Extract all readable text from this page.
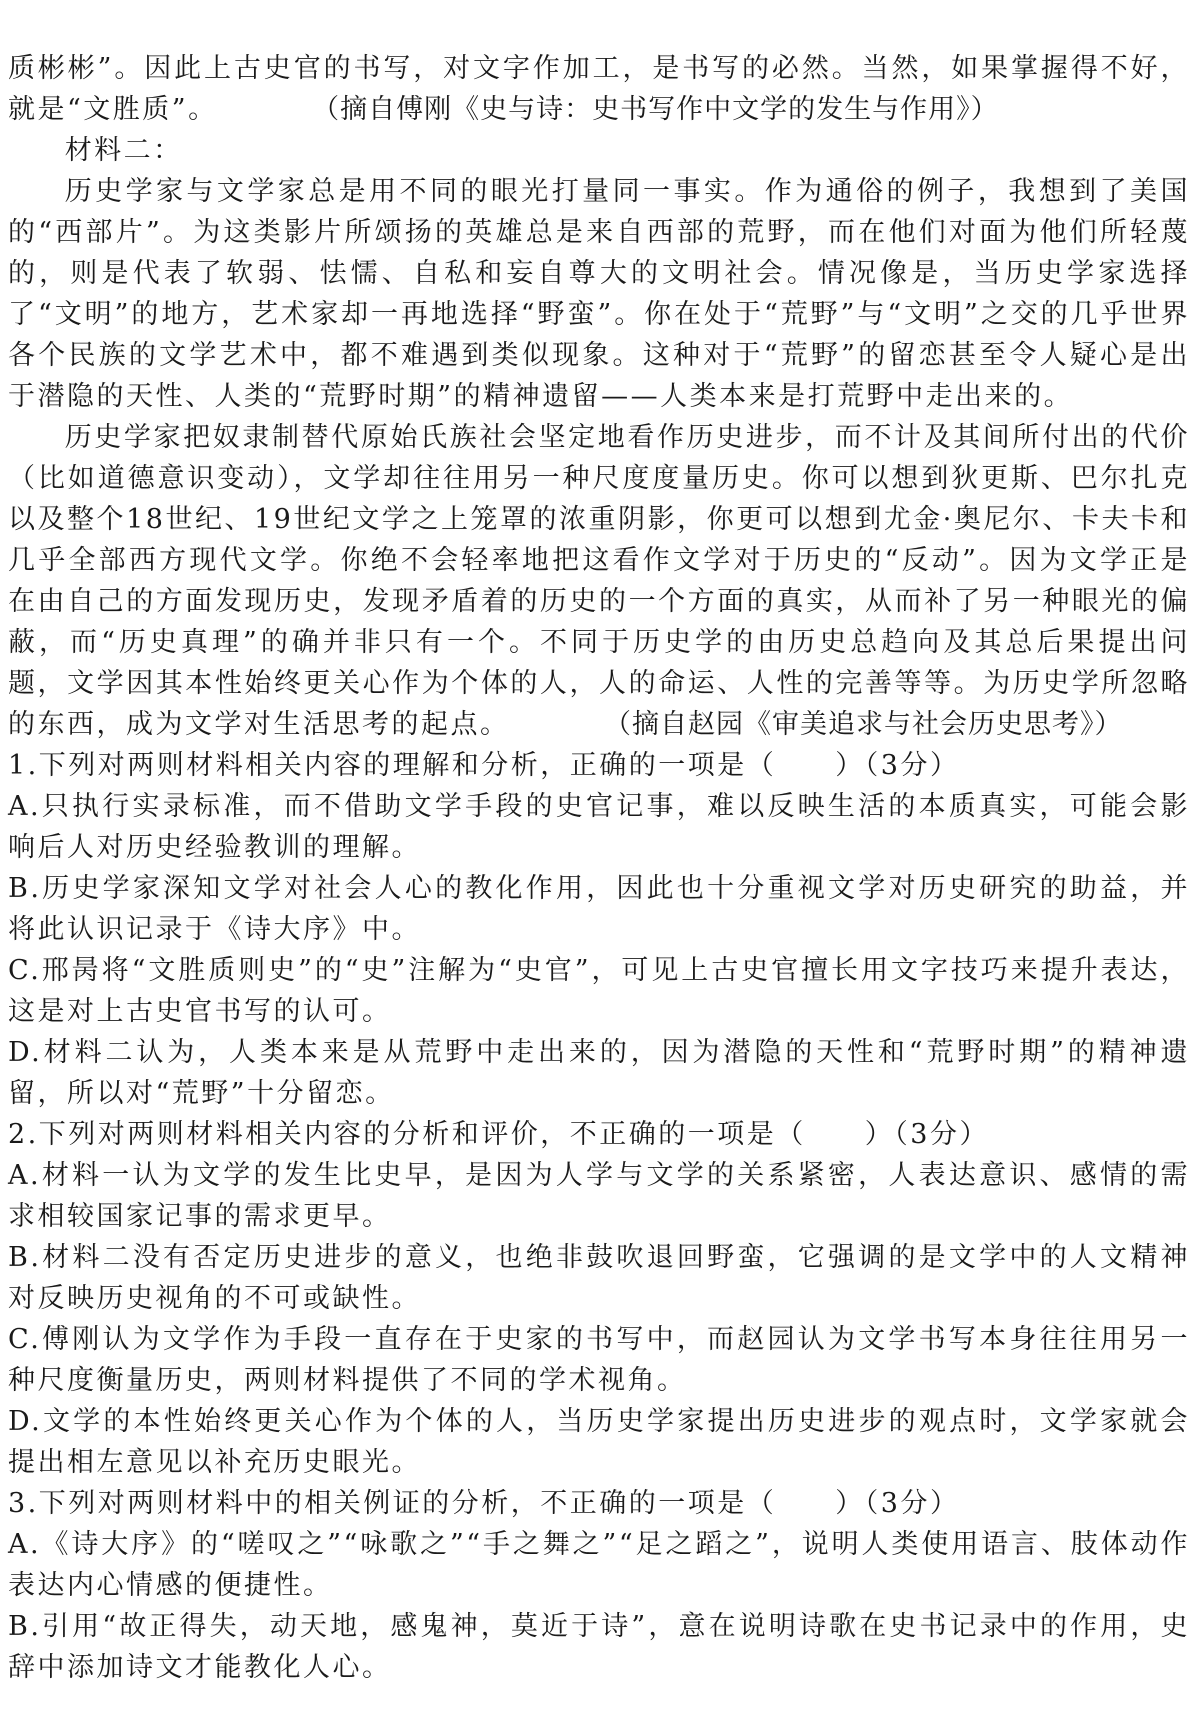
质彬彬”。因此上古史官的书写，对文字作加工，是书写的必然。当然，如果掌握得不好，就是“文胜质”。	（摘自傅刚《史与诗：史书写作中文学的发生与作用》）

材料二：

历史学家与文学家总是用不同的眼光打量同一事实。作为通俗的例子，我想到了美国的“西部片”。为这类影片所颂扬的英雄总是来自西部的荒野，而在他们对面为他们所轻蔑的，则是代表了软弱、怯懦、自私和妄自尊大的文明社会。情况像是，当历史学家选择了“文明”的地方，艺术家却一再地选择“野蛮”。你在处于“荒野”与“文明”之交的几乎世界各个民族的文学艺术中，都不难遇到类似现象。这种对于“荒野”的留恋甚至令人疑心是出于潜隐的天性、人类的“荒野时期”的精神遗留——人类本来是打荒野中走出来的。

历史学家把奴隶制替代原始氏族社会坚定地看作历史进步，而不计及其间所付出的代价（比如道德意识变动），文学却往往用另一种尺度度量历史。你可以想到狄更斯、巴尔扎克以及整个18世纪、19世纪文学之上笼罩的浓重阴影，你更可以想到尤金·奥尼尔、卡夫卡和几乎全部西方现代文学。你绝不会轻率地把这看作文学对于历史的“反动”。因为文学正是在由自己的方面发现历史，发现矛盾着的历史的一个方面的真实，从而补了另一种眼光的偏蔽，而“历史真理”的确并非只有一个。不同于历史学的由历史总趋向及其总后果提出问题，文学因其本性始终更关心作为个体的人，人的命运、人性的完善等等。为历史学所忽略的东西，成为文学对生活思考的起点。	（摘自赵园《审美追求与社会历史思考》）

1.下列对两则材料相关内容的理解和分析，正确的一项是（　　）（3分）

A.只执行实录标准，而不借助文学手段的史官记事，难以反映生活的本质真实，可能会影响后人对历史经验教训的理解。

B.历史学家深知文学对社会人心的教化作用，因此也十分重视文学对历史研究的助益，并将此认识记录于《诗大序》中。

C.邢昺将“文胜质则史”的“史”注解为“史官”，可见上古史官擅长用文字技巧来提升表达，这是对上古史官书写的认可。

D.材料二认为，人类本来是从荒野中走出来的，因为潜隐的天性和“荒野时期”的精神遗留，所以对“荒野”十分留恋。

2.下列对两则材料相关内容的分析和评价，不正确的一项是（　　）（3分）

A.材料一认为文学的发生比史早，是因为人学与文学的关系紧密，人表达意识、感情的需求相较国家记事的需求更早。

B.材料二没有否定历史进步的意义，也绝非鼓吹退回野蛮，它强调的是文学中的人文精神对反映历史视角的不可或缺性。

C.傅刚认为文学作为手段一直存在于史家的书写中，而赵园认为文学书写本身往往用另一种尺度衡量历史，两则材料提供了不同的学术视角。

D.文学的本性始终更关心作为个体的人，当历史学家提出历史进步的观点时，文学家就会提出相左意见以补充历史眼光。

3.下列对两则材料中的相关例证的分析，不正确的一项是（　　）（3分）

A.《诗大序》的“嗟叹之”“咏歌之”“手之舞之”“足之蹈之”，说明人类使用语言、肢体动作表达内心情感的便捷性。

B.引用“故正得失，动天地，感鬼神，莫近于诗”，意在说明诗歌在史书记录中的作用，史辞中添加诗文才能教化人心。
